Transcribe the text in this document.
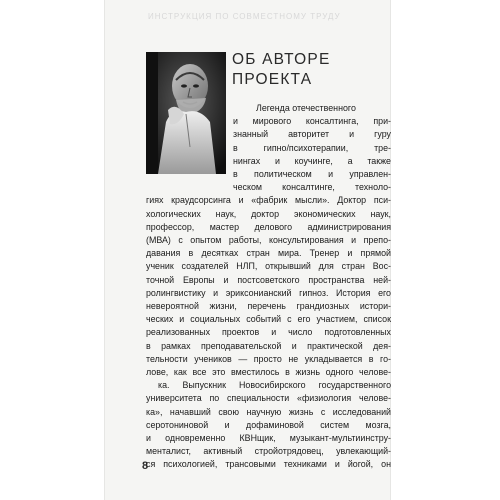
ИНСТРУКЦИЯ ПО СОВМЕСТНОМУ ТРУДУ
ОБ АВТОРЕ
ПРОЕКТА
Легенда отечественного
и мирового консалтинга, при-
знанный авторитет и гуру
в гипно/психотерапии, тре-
нингах и коучинге, а также
в политическом и управлен-
ческом консалтинге, техноло-
гиях краудсорсинга и «фабрик мысли». Доктор пси-
хологических наук, доктор экономических наук,
профессор, мастер делового администрирования
(МВА) с опытом работы, консультирования и препо-
давания в десятках стран мира. Тренер и прямой
ученик создателей НЛП, открывший для стран Вос-
точной Европы и постсоветского пространства ней-
ролингвистику и эриксонианский гипноз. История его
невероятной жизни, перечень грандиозных истори-
ческих и социальных событий с его участием, список
реализованных проектов и число подготовленных
в рамках преподавательской и практической дея-
тельности учеников — просто не укладывается в го-
лове, как все это вместилось в жизнь одного челове-
ка. Выпускник Новосибирского государственного
университета по специальности «физиология челове-
ка», начавший свою научную жизнь с исследований
серотониновой и дофаминовой систем мозга,
и одновременно КВНщик, музыкант-мультиинстру-
менталист, активный стройотрядовец, увлекающий-
ся психологией, трансовыми техниками и йогой, он
8
